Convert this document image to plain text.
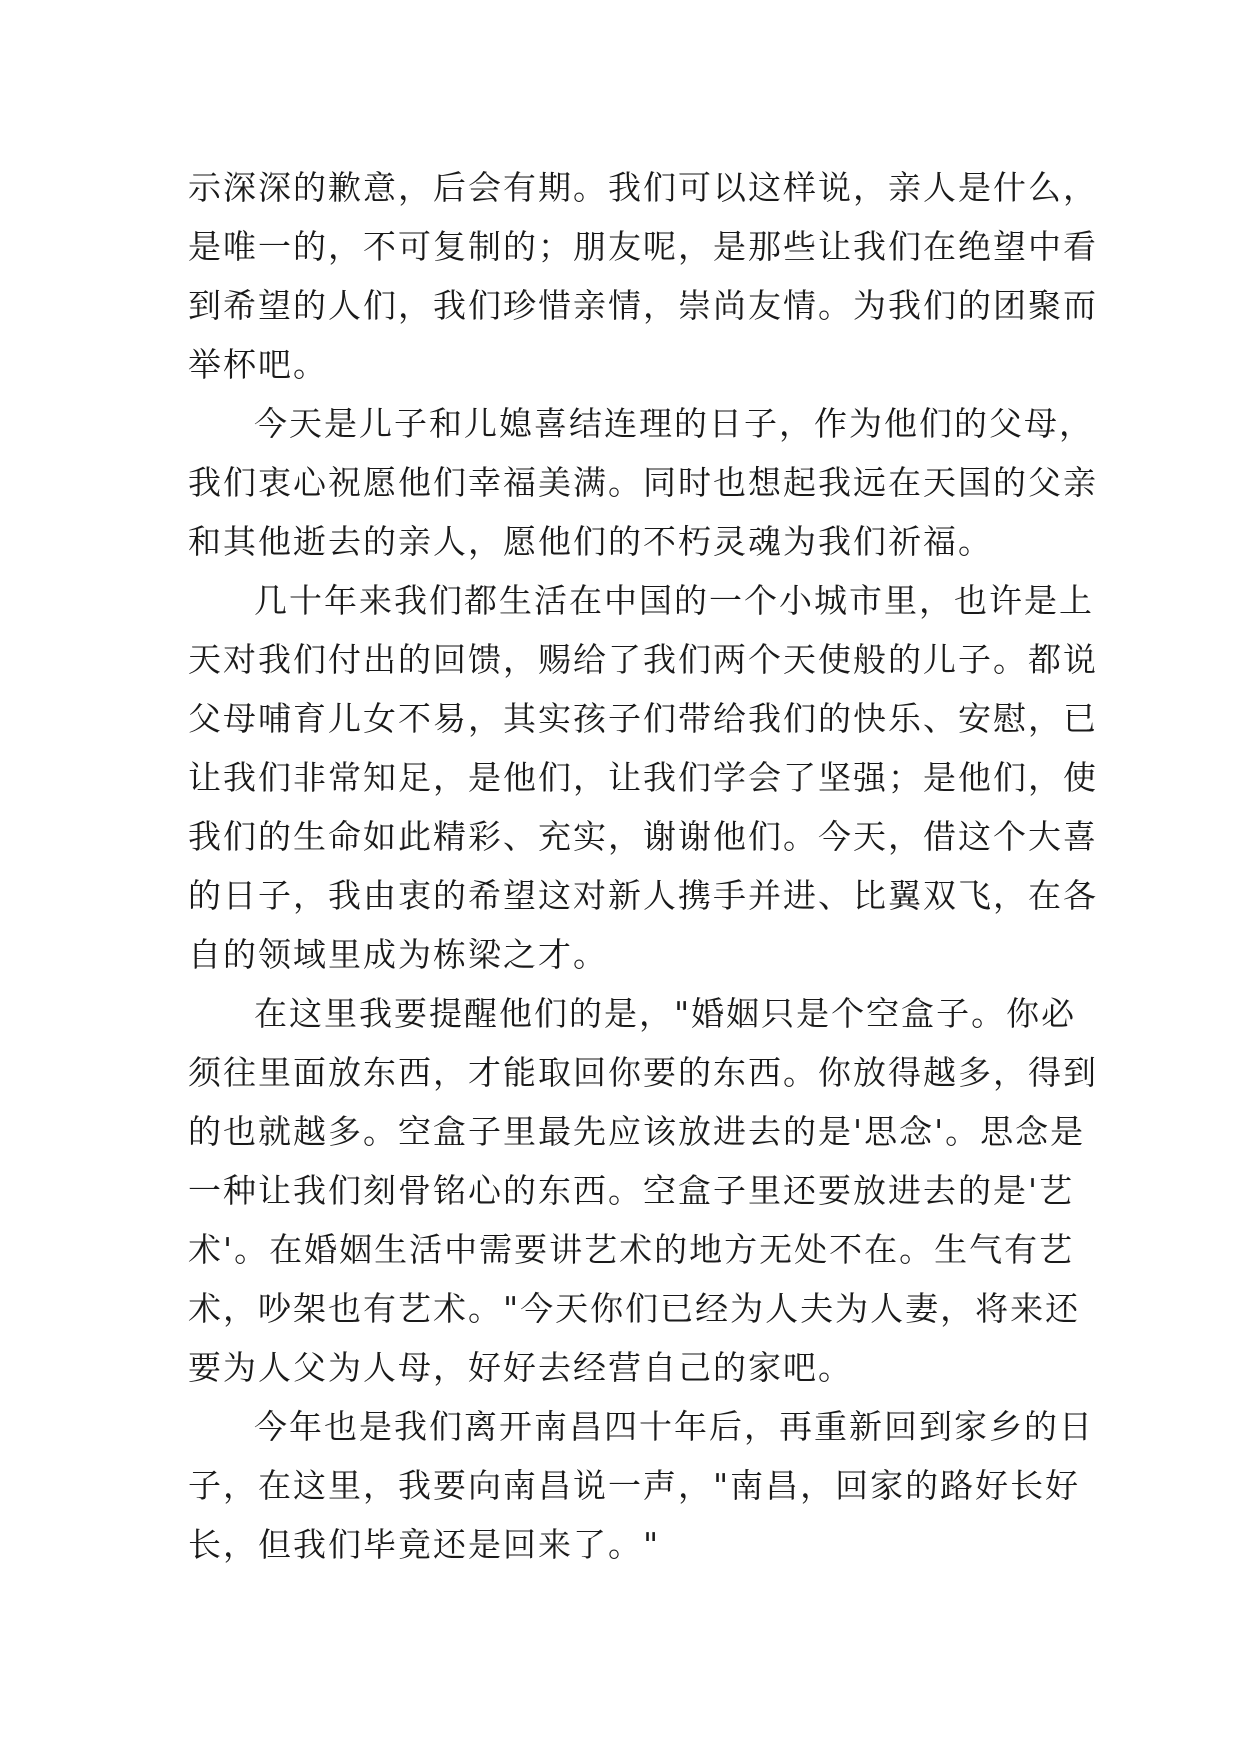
示深深的歉意，后会有期。我们可以这样说，亲人是什么，
是唯一的，不可复制的；朋友呢，是那些让我们在绝望中看
到希望的人们，我们珍惜亲情，崇尚友情。为我们的团聚而
举杯吧。
今天是儿子和儿媳喜结连理的日子，作为他们的父母，
我们衷心祝愿他们幸福美满。同时也想起我远在天国的父亲
和其他逝去的亲人，愿他们的不朽灵魂为我们祈福。
几十年来我们都生活在中国的一个小城市里，也许是上
天对我们付出的回馈，赐给了我们两个天使般的儿子。都说
父母哺育儿女不易，其实孩子们带给我们的快乐、安慰，已
让我们非常知足，是他们，让我们学会了坚强；是他们，使
我们的生命如此精彩、充实，谢谢他们。今天，借这个大喜
的日子，我由衷的希望这对新人携手并进、比翼双飞，在各
自的领域里成为栋梁之才。
在这里我要提醒他们的是，"婚姻只是个空盒子。你必
须往里面放东西，才能取回你要的东西。你放得越多，得到
的也就越多。空盒子里最先应该放进去的是'思念'。思念是
一种让我们刻骨铭心的东西。空盒子里还要放进去的是'艺
术'。在婚姻生活中需要讲艺术的地方无处不在。生气有艺
术，吵架也有艺术。"今天你们已经为人夫为人妻，将来还
要为人父为人母，好好去经营自己的家吧。
今年也是我们离开南昌四十年后，再重新回到家乡的日
子，在这里，我要向南昌说一声，"南昌，回家的路好长好
长，但我们毕竟还是回来了。"
